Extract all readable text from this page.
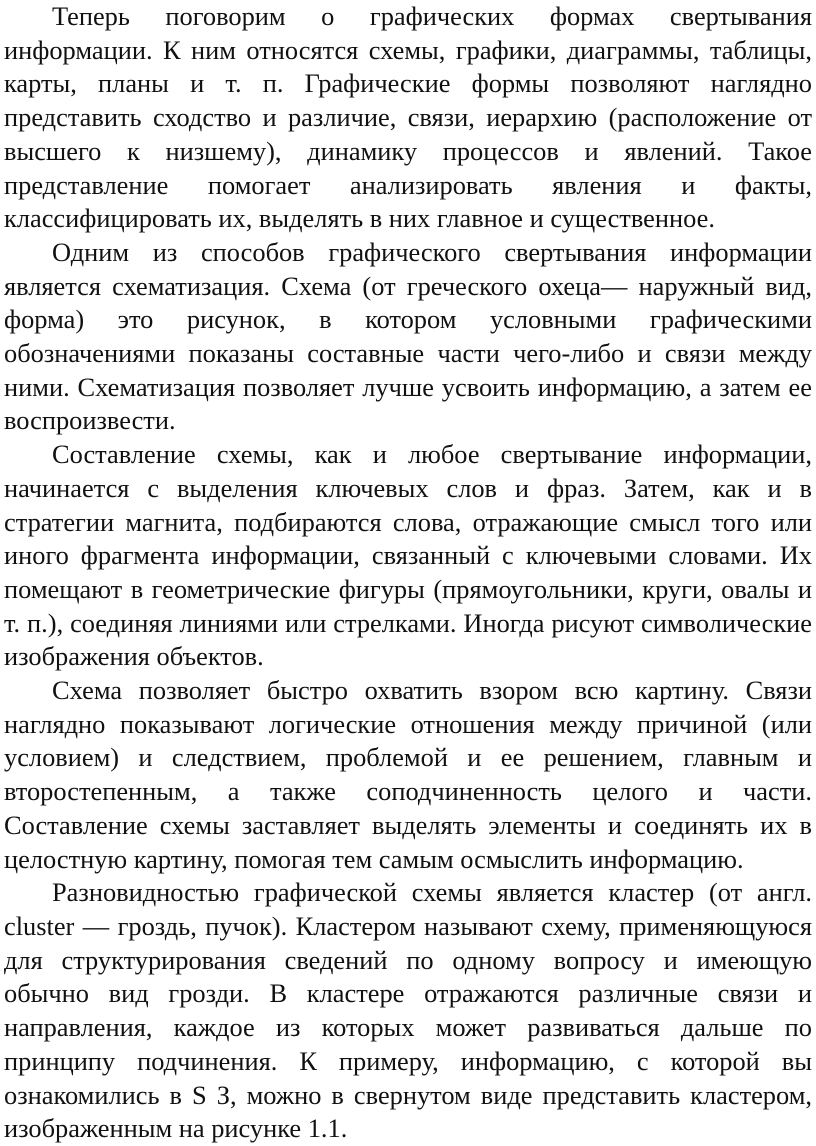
Теперь поговорим о графических формах свертывания информации. К ним относятся схемы, графики, диаграммы, таблицы, карты, планы и т. п. Графические формы позволяют наглядно представить сходство и различие, связи, иерархию (расположение от высшего к низшему), динамику процессов и явлений. Такое представление помогает анализировать явления и факты, классифицировать их, выделять в них главное и существенное.

Одним из способов графического свертывания информации является схематизация. Схема (от греческого охеца— наружный вид, форма) это рисунок, в котором условными графическими обозначениями показаны составные части чего-либо и связи между ними. Схематизация позволяет лучше усвоить информацию, а затем ее воспроизвести.

Составление схемы, как и любое свертывание информации, начинается с выделения ключевых слов и фраз. Затем, как и в стратегии магнита, подбираются слова, отражающие смысл того или иного фрагмента информации, связанный с ключевыми словами. Их помещают в геометрические фигуры (прямоугольники, круги, овалы и т. п.), соединяя линиями или стрелками. Иногда рисуют символические изображения объектов.

Схема позволяет быстро охватить взором всю картину. Связи наглядно показывают логические отношения между причиной (или условием) и следствием, проблемой и ее решением, главным и второстепенным, а также соподчиненность целого и части. Составление схемы заставляет выделять элементы и соединять их в целостную картину, помогая тем самым осмыслить информацию.

Разновидностью графической схемы является кластер (от англ. cluster — гроздь, пучок). Кластером называют схему, применяющуюся для структурирования сведений по одному вопросу и имеющую обычно вид грозди. В кластере отражаются различные связи и направления, каждое из которых может развиваться дальше по принципу подчинения. К примеру, информацию, с которой вы ознакомились в S З, можно в свернутом виде представить кластером, изображенным на рисунке 1.1.
